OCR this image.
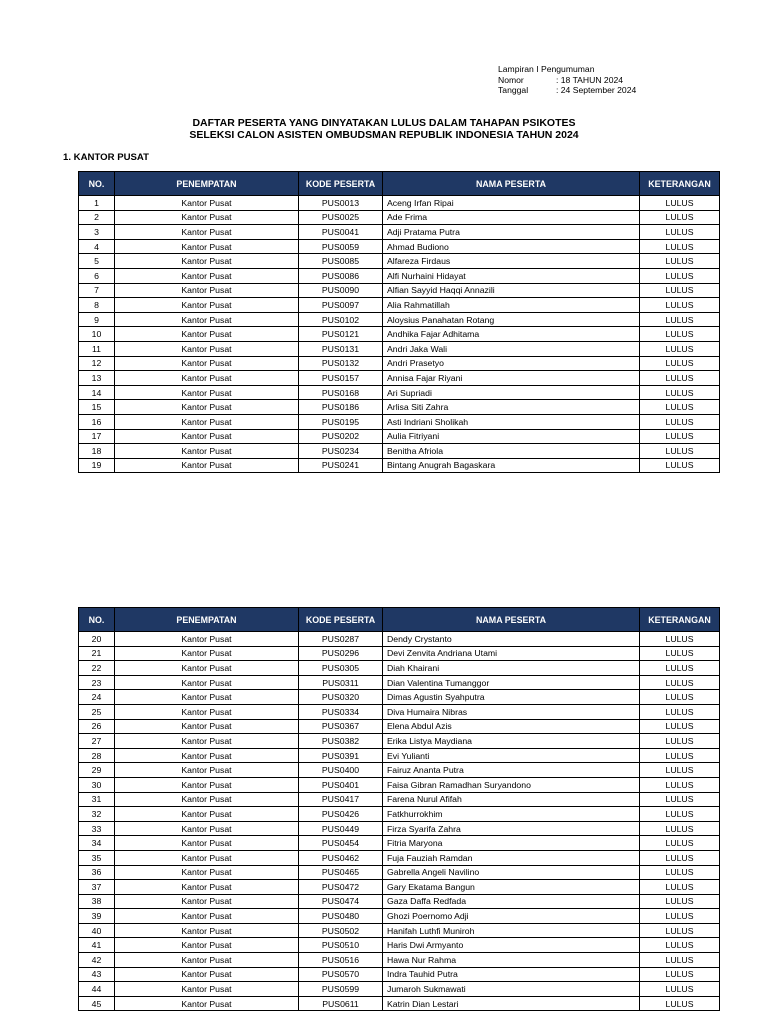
Lampiran I Pengumuman
Nomor	: 18 TAHUN 2024
Tanggal	: 24 September 2024
DAFTAR PESERTA YANG DINYATAKAN LULUS DALAM TAHAPAN PSIKOTES
SELEKSI CALON ASISTEN OMBUDSMAN REPUBLIK INDONESIA TAHUN 2024
1. KANTOR PUSAT
NO.	PENEMPATAN	KODE PESERTA	NAMA PESERTA	KETERANGAN
1	Kantor Pusat	PUS0013	Aceng Irfan Ripai	LULUS
2	Kantor Pusat	PUS0025	Ade Frima	LULUS
3	Kantor Pusat	PUS0041	Adji Pratama Putra	LULUS
4	Kantor Pusat	PUS0059	Ahmad Budiono	LULUS
5	Kantor Pusat	PUS0085	Alfareza Firdaus	LULUS
6	Kantor Pusat	PUS0086	Alfi Nurhaini Hidayat	LULUS
7	Kantor Pusat	PUS0090	Alfian Sayyid Haqqi Annazili	LULUS
8	Kantor Pusat	PUS0097	Alia Rahmatillah	LULUS
9	Kantor Pusat	PUS0102	Aloysius Panahatan Rotang	LULUS
10	Kantor Pusat	PUS0121	Andhika Fajar Adhitama	LULUS
11	Kantor Pusat	PUS0131	Andri Jaka Wali	LULUS
12	Kantor Pusat	PUS0132	Andri Prasetyo	LULUS
13	Kantor Pusat	PUS0157	Annisa Fajar Riyani	LULUS
14	Kantor Pusat	PUS0168	Ari Supriadi	LULUS
15	Kantor Pusat	PUS0186	Arlisa Siti Zahra	LULUS
16	Kantor Pusat	PUS0195	Asti Indriani Sholikah	LULUS
17	Kantor Pusat	PUS0202	Aulia Fitriyani	LULUS
18	Kantor Pusat	PUS0234	Benitha Afriola	LULUS
19	Kantor Pusat	PUS0241	Bintang Anugrah Bagaskara	LULUS
NO.	PENEMPATAN	KODE PESERTA	NAMA PESERTA	KETERANGAN
20	Kantor Pusat	PUS0287	Dendy Crystanto	LULUS
21	Kantor Pusat	PUS0296	Devi Zenvita Andriana Utami	LULUS
22	Kantor Pusat	PUS0305	Diah Khairani	LULUS
23	Kantor Pusat	PUS0311	Dian Valentina Tumanggor	LULUS
24	Kantor Pusat	PUS0320	Dimas Agustin Syahputra	LULUS
25	Kantor Pusat	PUS0334	Diva Humaira Nibras	LULUS
26	Kantor Pusat	PUS0367	Elena Abdul Azis	LULUS
27	Kantor Pusat	PUS0382	Erika Listya Maydiana	LULUS
28	Kantor Pusat	PUS0391	Evi Yulianti	LULUS
29	Kantor Pusat	PUS0400	Fairuz Ananta Putra	LULUS
30	Kantor Pusat	PUS0401	Faisa Gibran Ramadhan Suryandono	LULUS
31	Kantor Pusat	PUS0417	Farena Nurul Afifah	LULUS
32	Kantor Pusat	PUS0426	Fatkhurrokhim	LULUS
33	Kantor Pusat	PUS0449	Firza Syarifa Zahra	LULUS
34	Kantor Pusat	PUS0454	Fitria Maryona	LULUS
35	Kantor Pusat	PUS0462	Fuja Fauziah Ramdan	LULUS
36	Kantor Pusat	PUS0465	Gabrella Angeli Navilino	LULUS
37	Kantor Pusat	PUS0472	Gary Ekatama Bangun	LULUS
38	Kantor Pusat	PUS0474	Gaza Daffa Redfada	LULUS
39	Kantor Pusat	PUS0480	Ghozi Poernomo Adji	LULUS
40	Kantor Pusat	PUS0502	Hanifah Luthfi Muniroh	LULUS
41	Kantor Pusat	PUS0510	Haris Dwi Armyanto	LULUS
42	Kantor Pusat	PUS0516	Hawa Nur Rahma	LULUS
43	Kantor Pusat	PUS0570	Indra Tauhid Putra	LULUS
44	Kantor Pusat	PUS0599	Jumaroh Sukmawati	LULUS
45	Kantor Pusat	PUS0611	Katrin Dian Lestari	LULUS
